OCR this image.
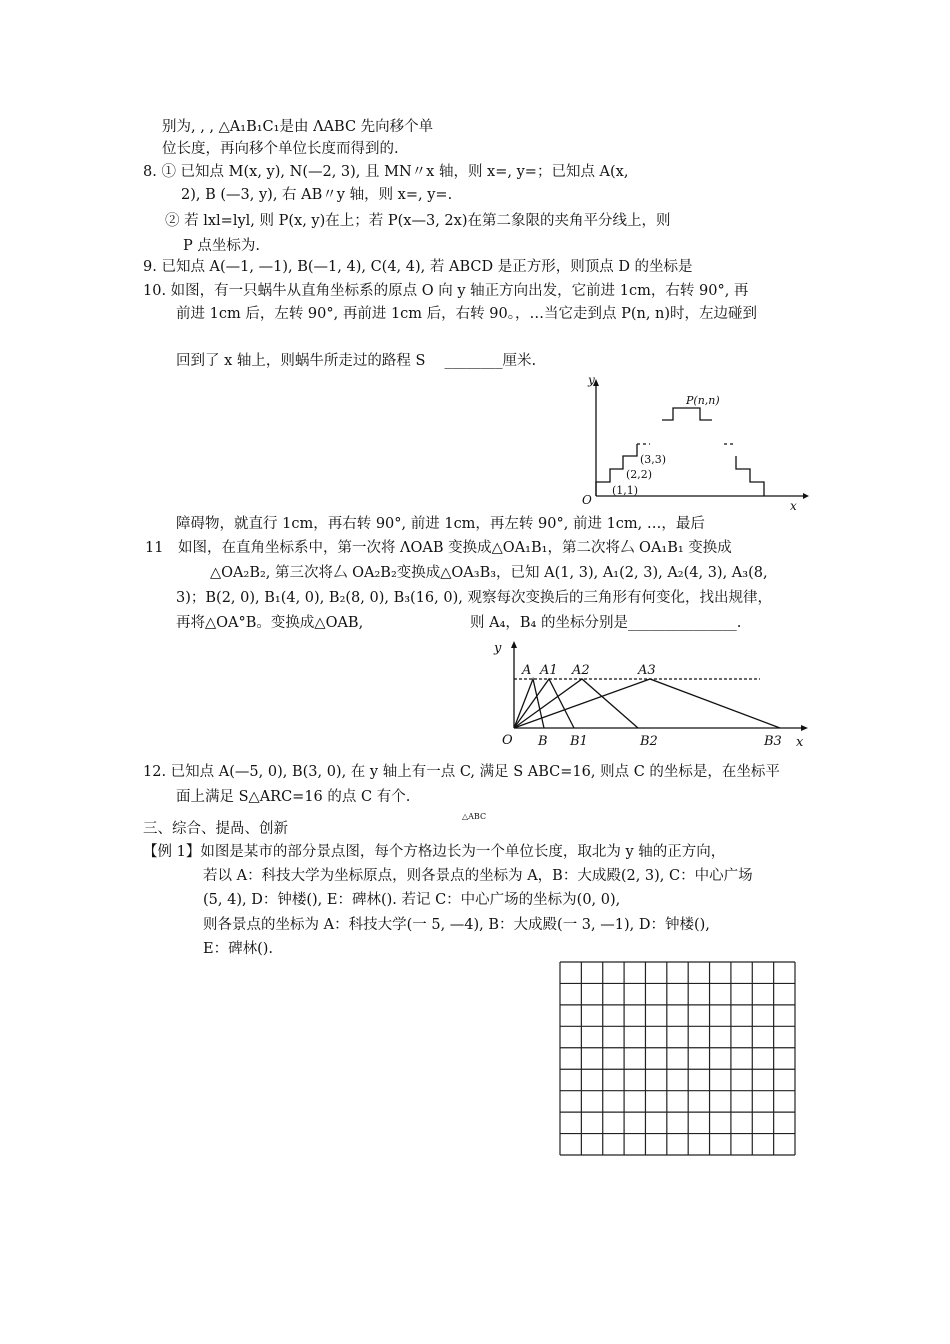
别为, , , △A₁B₁C₁是由 ΛABC 先向移个单
位长度，再向移个单位长度而得到的.
8. ① 已知点 M(x, y), N(—2, 3), 且 MN〃x 轴，则 x=, y=；已知点 A(x,
2), B (—3, y), 右 AB〃y 轴，则 x=, y=.
② 若 lxl=lyl, 则 P(x, y)在上；若 P(x—3, 2x)在第二象限的夹角平分线上，则
P 点坐标为.
9. 已知点 A(—1, —1), B(—1, 4), C(4, 4), 若 ABCD 是正方形，则顶点 D 的坐标是
10. 如图，有一只蜗牛从直角坐标系的原点 O 向 y 轴正方向出发，它前进 1cm，右转 90°, 再
前进 1cm 后，左转 90°, 再前进 1cm 后，右转 90。，…当它走到点 P(n, n)时，左边碰到
回到了 x 轴上，则蜗牛所走过的路程 S　 ________厘米.
y
x
O
(1,1)
(2,2)
(3,3)
P(n,n)
障碍物，就直行 1cm，再右转 90°, 前进 1cm，再左转 90°, 前进 1cm, …，最后
11　如图，在直角坐标系中，第一次将 ΛOAB 变换成△OA₁B₁，第二次将厶 OA₁B₁ 变换成
△OA₂B₂, 第三次将厶 OA₂B₂变换成△OA₃B₃，已知 A(1, 3), A₁(2, 3), A₂(4, 3), A₃(8,
3)；B(2, 0), B₁(4, 0), B₂(8, 0), B₃(16, 0), 观察每次变换后的三角形有何变化，找出规律，
再将△OA°B。变换成△OAB,	则 A₄，B₄ 的坐标分别是_______________.
y
x
O
A A1 A2	A3
B B1	B2	B3
12. 已知点 A(—5, 0), B(3, 0), 在 y 轴上有一点 C, 满足 S ABC=16, 则点 C 的坐标是，在坐标平
面上满足 S△ARC=16 的点 C 有个.
△ABC
三、综合、提咼、创新
【例 1】如图是某市的部分景点图，每个方格边长为一个单位长度，取北为 y 轴的正方向，
若以 A：科技大学为坐标原点，则各景点的坐标为 A，B：大成殿(2, 3), C：中心广场
(5, 4), D：钟楼(), E：碑林(). 若记 C：中心广场的坐标为(0, 0),
则各景点的坐标为 A：科技大学(一 5, —4), B：大成殿(一 3, —1), D：钟楼(),
E：碑林().
